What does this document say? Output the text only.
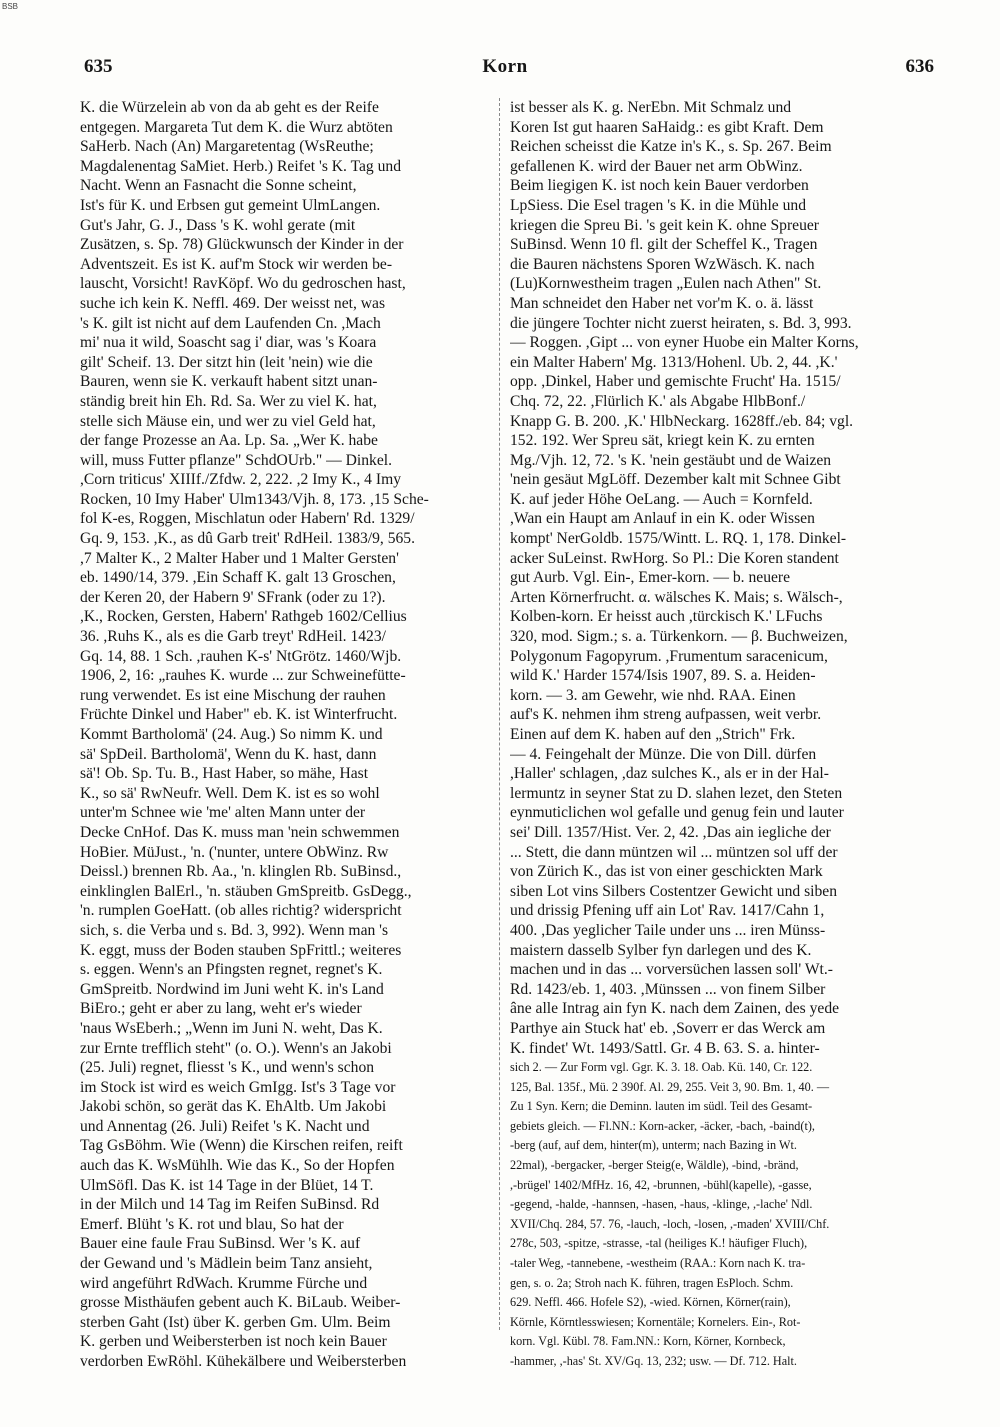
BSB
635	Korn	636
K. die Würzelein ab von da ab geht es der Reife
entgegen. Margareta Tut dem K. die Wurz abtöten
SaHerb. Nach (An) Margaretentag (WsReuthe;
Magdalenentag SaMiet. Herb.) Reifet 's K. Tag und
Nacht. Wenn an Fasnacht die Sonne scheint,
Ist's für K. und Erbsen gut gemeint UlmLangen.
Gut's Jahr, G. J., Dass 's K. wohl gerate (mit
Zusätzen, s. Sp. 78) Glückwunsch der Kinder in der
Adventszeit. Es ist K. auf'm Stock wir werden be-
lauscht, Vorsicht! RavKöpf. Wo du gedroschen hast,
suche ich kein K. Neffl. 469. Der weisst net, was
's K. gilt ist nicht auf dem Laufenden Cn. ,Mach
mi' nua it wild, Soascht sag i' diar, was 's Koara
gilt' Scheif. 13. Der sitzt hin (leit 'nein) wie die
Bauren, wenn sie K. verkauft habent sitzt unan-
ständig breit hin Eh. Rd. Sa. Wer zu viel K. hat,
stelle sich Mäuse ein, und wer zu viel Geld hat,
der fange Prozesse an Aa. Lp. Sa. „Wer K. habe
will, muss Futter pflanze" SchdOUrb." — Dinkel.
,Corn triticus' XIIIf./Zfdw. 2, 222. ,2 Imy K., 4 Imy
Rocken, 10 Imy Haber' Ulm1343/Vjh. 8, 173. ,15 Sche-
fol K-es, Roggen, Mischlatun oder Habern' Rd. 1329/
Gq. 9, 153. ,K., as dû Garb treit' RdHeil. 1383/9, 565.
,7 Malter K., 2 Malter Haber und 1 Malter Gersten'
eb. 1490/14, 379. ,Ein Schaff K. galt 13 Groschen,
der Keren 20, der Habern 9' SFrank (oder zu 1?).
,K., Rocken, Gersten, Habern' Rathgeb 1602/Cellius
36. ,Ruhs K., als es die Garb treyt' RdHeil. 1423/
Gq. 14, 88. 1 Sch. ,rauhen K-s' NtGrötz. 1460/Wjb.
1906, 2, 16: „rauhes K. wurde ... zur Schweinefütte-
rung verwendet. Es ist eine Mischung der rauhen
Früchte Dinkel und Haber" eb. K. ist Winterfrucht.
Kommt Bartholomä' (24. Aug.) So nimm K. und
sä' SpDeil. Bartholomä', Wenn du K. hast, dann
sä'! Ob. Sp. Tu. B., Hast Haber, so mähe, Hast
K., so sä' RwNeufr. Well. Dem K. ist es so wohl
unter'm Schnee wie 'me' alten Mann unter der
Decke CnHof. Das K. muss man 'nein schwemmen
HoBier. MüJust., 'n. ('nunter, untere ObWinz. Rw
Deissl.) brennen Rb. Aa., 'n. klinglen Rb. SuBinsd.,
einklinglen BalErl., 'n. stäuben GmSpreitb. GsDegg.,
'n. rumplen GoeHatt. (ob alles richtig? widerspricht
sich, s. die Verba und s. Bd. 3, 992). Wenn man 's
K. eggt, muss der Boden stauben SpFrittl.; weiteres
s. eggen. Wenn's an Pfingsten regnet, regnet's K.
GmSpreitb. Nordwind im Juni weht K. in's Land
BiEro.; geht er aber zu lang, weht er's wieder
'naus WsEberh.; „Wenn im Juni N. weht, Das K.
zur Ernte trefflich steht" (o. O.). Wenn's an Jakobi
(25. Juli) regnet, fliesst 's K., und wenn's schon
im Stock ist wird es weich GmIgg. Ist's 3 Tage vor
Jakobi schön, so gerät das K. EhAltb. Um Jakobi
und Annentag (26. Juli) Reifet 's K. Nacht und
Tag GsBöhm. Wie (Wenn) die Kirschen reifen, reift
auch das K. WsMühlh. Wie das K., So der Hopfen
UlmSöfl. Das K. ist 14 Tage in der Blüet, 14 T.
in der Milch und 14 Tag im Reifen SuBinsd. Rd
Emerf. Blüht 's K. rot und blau, So hat der
Bauer eine faule Frau SuBinsd. Wer 's K. auf
der Gewand und 's Mädlein beim Tanz ansieht,
wird angeführt RdWach. Krumme Fürche und
grosse Misthäufen gebent auch K. BiLaub. Weiber-
sterben Gaht (Ist) über K. gerben Gm. Ulm. Beim
K. gerben und Weibersterben ist noch kein Bauer
verdorben EwRöhl. Kühekälbere und Weibersterben
ist besser als K. g. NerEbn. Mit Schmalz und
Koren Ist gut haaren SaHaidg.: es gibt Kraft. Dem
Reichen scheisst die Katze in's K., s. Sp. 267. Beim
gefallenen K. wird der Bauer net arm ObWinz.
Beim liegigen K. ist noch kein Bauer verdorben
LpSiess. Die Esel tragen 's K. in die Mühle und
kriegen die Spreu Bi. 's geit kein K. ohne Spreuer
SuBinsd. Wenn 10 fl. gilt der Scheffel K., Tragen
die Bauren nächstens Sporen WzWäsch. K. nach
(Lu)Kornwestheim tragen „Eulen nach Athen" St.
Man schneidet den Haber net vor'm K. o. ä. lässt
die jüngere Tochter nicht zuerst heiraten, s. Bd. 3, 993.
— Roggen. ,Gipt ... von eyner Huobe ein Malter Korns,
ein Malter Habern' Mg. 1313/Hohenl. Ub. 2, 44. ,K.'
opp. ,Dinkel, Haber und gemischte Frucht' Ha. 1515/
Chq. 72, 22. ,Flürlich K.' als Abgabe HlbBonf./
Knapp G. B. 200. ,K.' HlbNeckarg. 1628ff./eb. 84; vgl.
152. 192. Wer Spreu sät, kriegt kein K. zu ernten
Mg./Vjh. 12, 72. 's K. 'nein gestäubt und de Waizen
'nein gesäut MgLöff. Dezember kalt mit Schnee Gibt
K. auf jeder Höhe OeLang. — Auch = Kornfeld.
,Wan ein Haupt am Anlauf in ein K. oder Wissen
kompt' NerGoldb. 1575/Wintt. L. RQ. 1, 178. Dinkel-
acker SuLeinst. RwHorg. So Pl.: Die Koren standent
gut Aurb. Vgl. Ein-, Emer-korn. — b. neuere
Arten Körnerfrucht. α. wälsches K. Mais; s. Wälsch-,
Kolben-korn. Er heisst auch ,türckisch K.' LFuchs
320, mod. Sigm.; s. a. Türkenkorn. — β. Buchweizen,
Polygonum Fagopyrum. ,Frumentum saracenicum,
wild K.' Harder 1574/Isis 1907, 89. S. a. Heiden-
korn. — 3. am Gewehr, wie nhd. RAA. Einen
auf's K. nehmen ihm streng aufpassen, weit verbr.
Einen auf dem K. haben auf den „Strich" Frk.
— 4. Feingehalt der Münze. Die von Dill. dürfen
,Haller' schlagen, ,daz sulches K., als er in der Hal-
lermuntz in seyner Stat zu D. slahen lezet, den Steten
eynmuticlichen wol gefalle und genug fein und lauter
sei' Dill. 1357/Hist. Ver. 2, 42. ,Das ain iegliche der
... Stett, die dann müntzen wil ... müntzen sol uff der
von Zürich K., das ist von einer geschickten Mark
siben Lot vins Silbers Costentzer Gewicht und siben
und drissig Pfening uff ain Lot' Rav. 1417/Cahn 1,
400. ,Das yeglicher Taile under uns ... iren Münss-
maistern dasselb Sylber fyn darlegen und des K.
machen und in das ... vorversüchen lassen soll' Wt.-
Rd. 1423/eb. 1, 403. ,Münssen ... von finem Silber
âne alle Intrag ain fyn K. nach dem Zainen, des yede
Parthye ain Stuck hat' eb. ,Soverr er das Werck am
K. findet' Wt. 1493/Sattl. Gr. 4 B. 63. S. a. hinter-
sich 2. — Zur Form vgl. Ggr. K. 3. 18. Oab. Kü. 140, Cr. 122.
125, Bal. 135f., Mü. 2 390f. Al. 29, 255. Veit 3, 90. Bm. 1, 40. —
Zu 1 Syn. Kern; die Deminn. lauten im südl. Teil des Gesamt-
gebiets gleich. — Fl.NN.: Korn-acker, -äcker, -bach, -baind(t),
-berg (auf, auf dem, hinter(m), unterm; nach Bazing in Wt.
22mal), -bergacker, -berger Steig(e, Wäldle), -bind, -bränd,
,-brügel' 1402/MfHz. 16, 42, -brunnen, -bühl(kapelle), -gasse,
-gegend, -halde, -hannsen, -hasen, -haus, -klinge, ,-lache' Ndl.
XVII/Chq. 284, 57. 76, -lauch, -loch, -losen, ,-maden' XVIII/Chf.
278c, 503, -spitze, -strasse, -tal (heiliges K.! häufiger Fluch),
-taler Weg, -tannebene, -westheim (RAA.: Korn nach K. tra-
gen, s. o. 2a; Stroh nach K. führen, tragen EsPloch. Schm.
629. Neffl. 466. Hofele S2), -wied. Körnen, Körner(rain),
Körnle, Körntlesswiesen; Kornentäle; Kornelers. Ein-, Rot-
korn. Vgl. Kübl. 78. Fam.NN.: Korn, Körner, Kornbeck,
-hammer, ,-has' St. XV/Gq. 13, 232; usw. — Df. 712. Halt.
